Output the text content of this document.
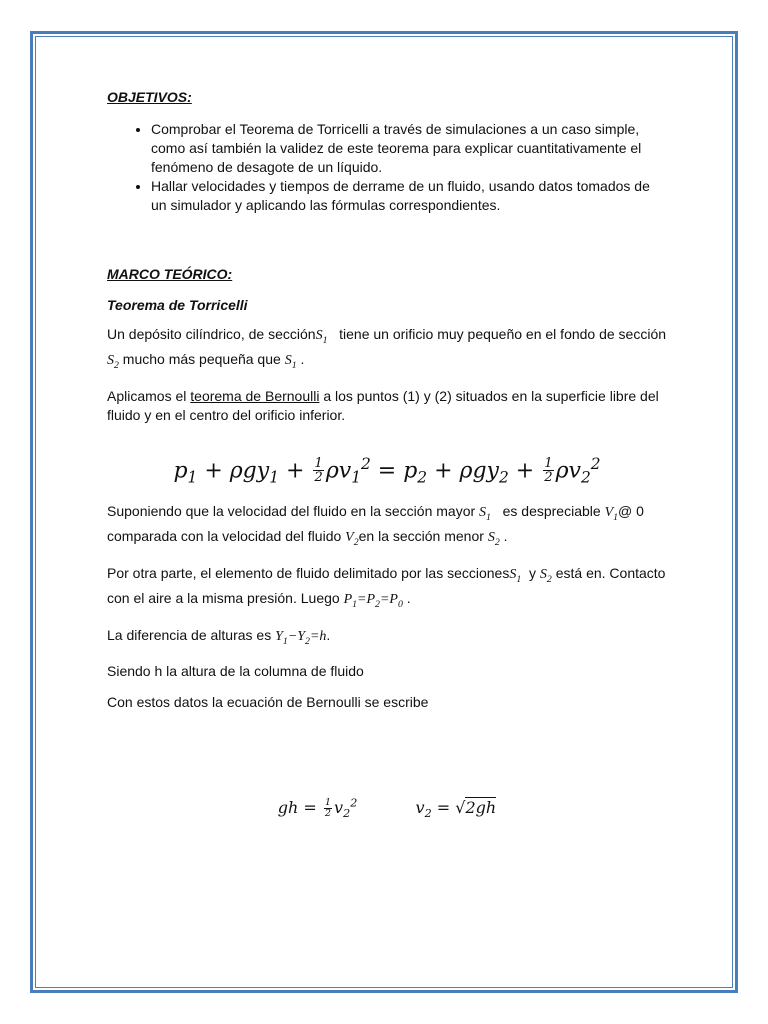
OBJETIVOS:

• Comprobar el Teorema de Torricelli a través de simulaciones a un caso simple, como así también la validez de este teorema para explicar cuantitativamente el fenómeno de desagote de un líquido.
• Hallar velocidades y tiempos de derrame de un fluido, usando datos tomados de un simulador y aplicando las fórmulas correspondientes.

MARCO TEÓRICO:

Teorema de Torricelli

Un depósito cilíndrico, de secciónS$_1$   tiene un orificio muy pequeño en el fondo de sección $S_2$ mucho más pequeña que $S_1$ .

Aplicamos el teorema de Bernoulli a los puntos (1) y (2) situados en la superficie libre del fluido y en el centro del orificio inferior.

$p_1 + \rho gy_1 + \frac{1}{2} \rho v_1^2 = p_2 + \rho gy_2 + \frac{1}{2} \rho v_2^2$

Suponiendo que la velocidad del fluido en la sección mayor $S_1$   es despreciable $V_1@$ 0 comparada con la velocidad del fluido $V_2en$ la sección menor $S_2$ .

Por otra parte, el elemento de fluido delimitado por las seccionesS$_1$  y $S_2$ está en. Contacto con el aire a la misma presión. Luego $P_1=P_2=P_0$ .

La diferencia de alturas es $Y_1-Y_2=h$.

Siendo h la altura de la columna de fluido

Con estos datos la ecuación de Bernoulli se escribe

gh = $\frac{1}{2} v_2^2$	$v_2 = √2gh$
